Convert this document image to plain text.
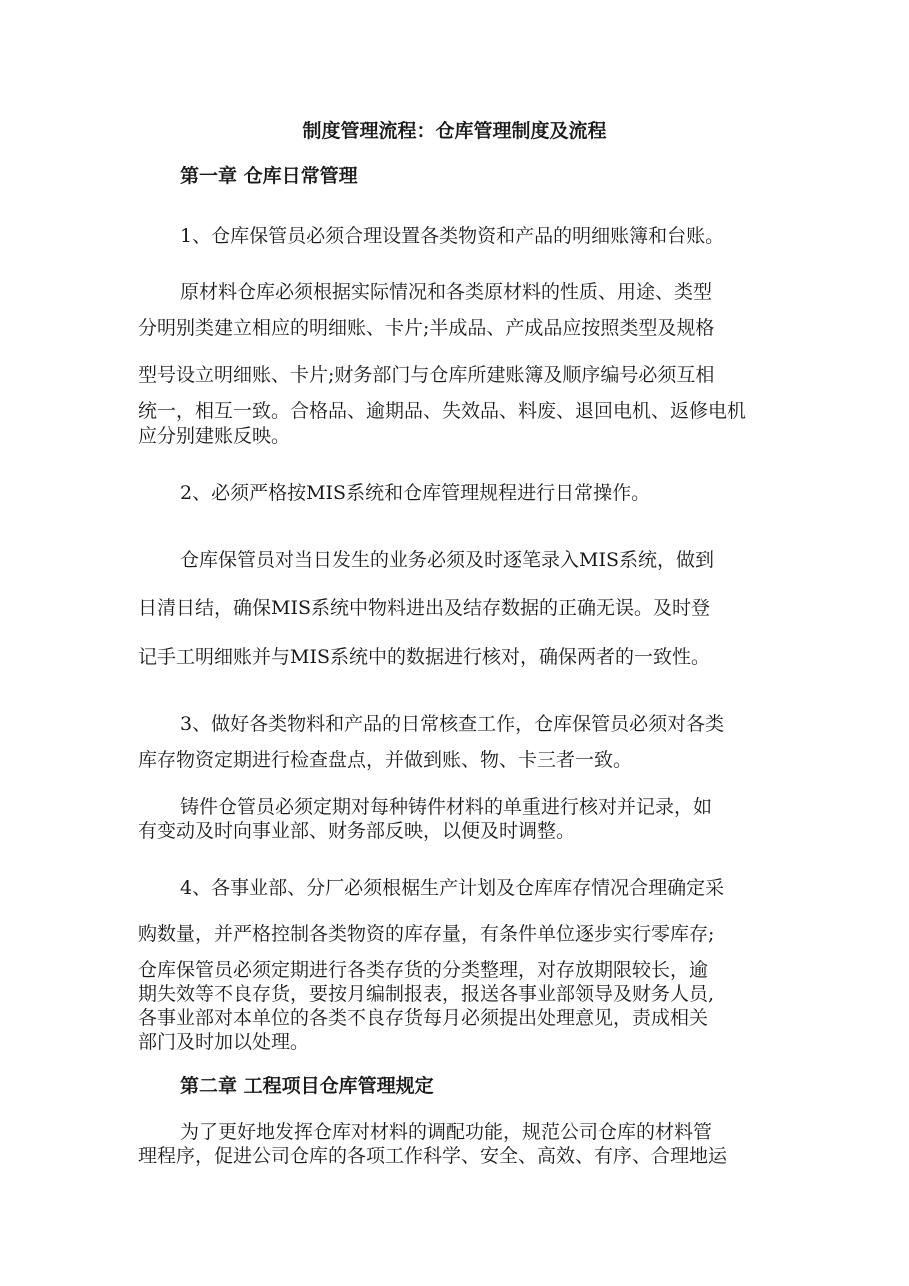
制度管理流程：仓库管理制度及流程
第一章 仓库日常管理
1、仓库保管员必须合理设置各类物资和产品的明细账簿和台账。
原材料仓库必须根据实际情况和各类原材料的性质、用途、类型
分明别类建立相应的明细账、卡片;半成品、产成品应按照类型及规格
型号设立明细账、卡片;财务部门与仓库所建账簿及顺序编号必须互相
统一，相互一致。合格品、逾期品、失效品、料废、退回电机、返修电机
应分别建账反映。
2、必须严格按MIS系统和仓库管理规程进行日常操作。
仓库保管员对当日发生的业务必须及时逐笔录入MIS系统，做到
日清日结，确保MIS系统中物料进出及结存数据的正确无误。及时登
记手工明细账并与MIS系统中的数据进行核对，确保两者的一致性。
3、做好各类物料和产品的日常核查工作，仓库保管员必须对各类
库存物资定期进行检查盘点，并做到账、物、卡三者一致。
铸件仓管员必须定期对每种铸件材料的单重进行核对并记录，如
有变动及时向事业部、财务部反映，以便及时调整。
4、各事业部、分厂必须根椐生产计划及仓库库存情况合理确定采
购数量，并严格控制各类物资的库存量，有条件单位逐步实行零库存;
仓库保管员必须定期进行各类存货的分类整理，对存放期限较长，逾
期失效等不良存货，要按月编制报表，报送各事业部领导及财务人员,
各事业部对本单位的各类不良存货每月必须提出处理意见，责成相关
部门及时加以处理。
第二章 工程项目仓库管理规定
为了更好地发挥仓库对材料的调配功能，规范公司仓库的材料管
理程序，促进公司仓库的各项工作科学、安全、高效、有序、合理地运
